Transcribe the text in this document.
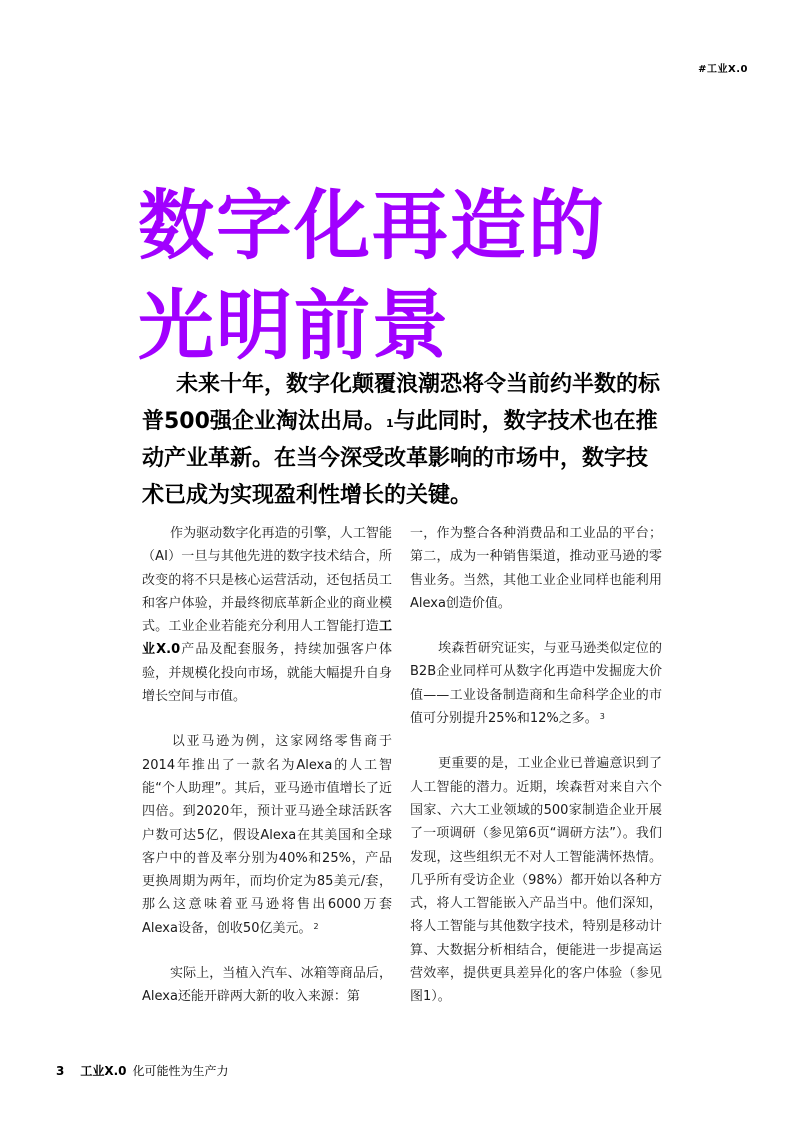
#工业X.0
数字化再造的
光明前景

未来十年，数字化颠覆浪潮恐将令当前约半数的标普500强企业淘汰出局。$^1$与此同时，数字技术也在推动产业革新。在当今深受改革影响的市场中，数字技术已成为实现盈利性增长的关键。

作为驱动数字化再造的引擎，人工智能（AI）一旦与其他先进的数字技术结合，所改变的将不只是核心运营活动，还包括员工和客户体验，并最终彻底革新企业的商业模式。工业企业若能充分利用人工智能打造工业X.0产品及配套服务，持续加强客户体验，并规模化投向市场，就能大幅提升自身增长空间与市值。

以亚马逊为例，这家网络零售商于2014年推出了一款名为Alexa的人工智能“个人助理”。其后，亚马逊市值增长了近四倍。到2020年，预计亚马逊全球活跃客户数可达5亿，假设Alexa在其美国和全球客户中的普及率分别为40%和25%，产品更换周期为两年，而均价定为85美元/套，那么这意味着亚马逊将售出6000万套Alexa设备，创收50亿美元。 $^2$

实际上，当植入汽车、冰箱等商品后，Alexa还能开辟两大新的收入来源：第

一，作为整合各种消费品和工业品的平台；第二，成为一种销售渠道，推动亚马逊的零售业务。当然，其他工业企业同样也能利用Alexa创造价值。

埃森哲研究证实，与亚马逊类似定位的B2B企业同样可从数字化再造中发掘庞大价值——工业设备制造商和生命科学企业的市值可分别提升25%和12%之多。 $^3$

更重要的是，工业企业已普遍意识到了人工智能的潜力。近期，埃森哲对来自六个国家、六大工业领域的500家制造企业开展了一项调研（参见第6页“调研方法”）。我们发现，这些组织无不对人工智能满怀热情。几乎所有受访企业（98%）都开始以各种方式，将人工智能嵌入产品当中。他们深知，将人工智能与其他数字技术，特别是移动计算、大数据分析相结合，便能进一步提高运营效率，提供更具差异化的客户体验（参见图1）。

3 工业X.0 化可能性为生产力
